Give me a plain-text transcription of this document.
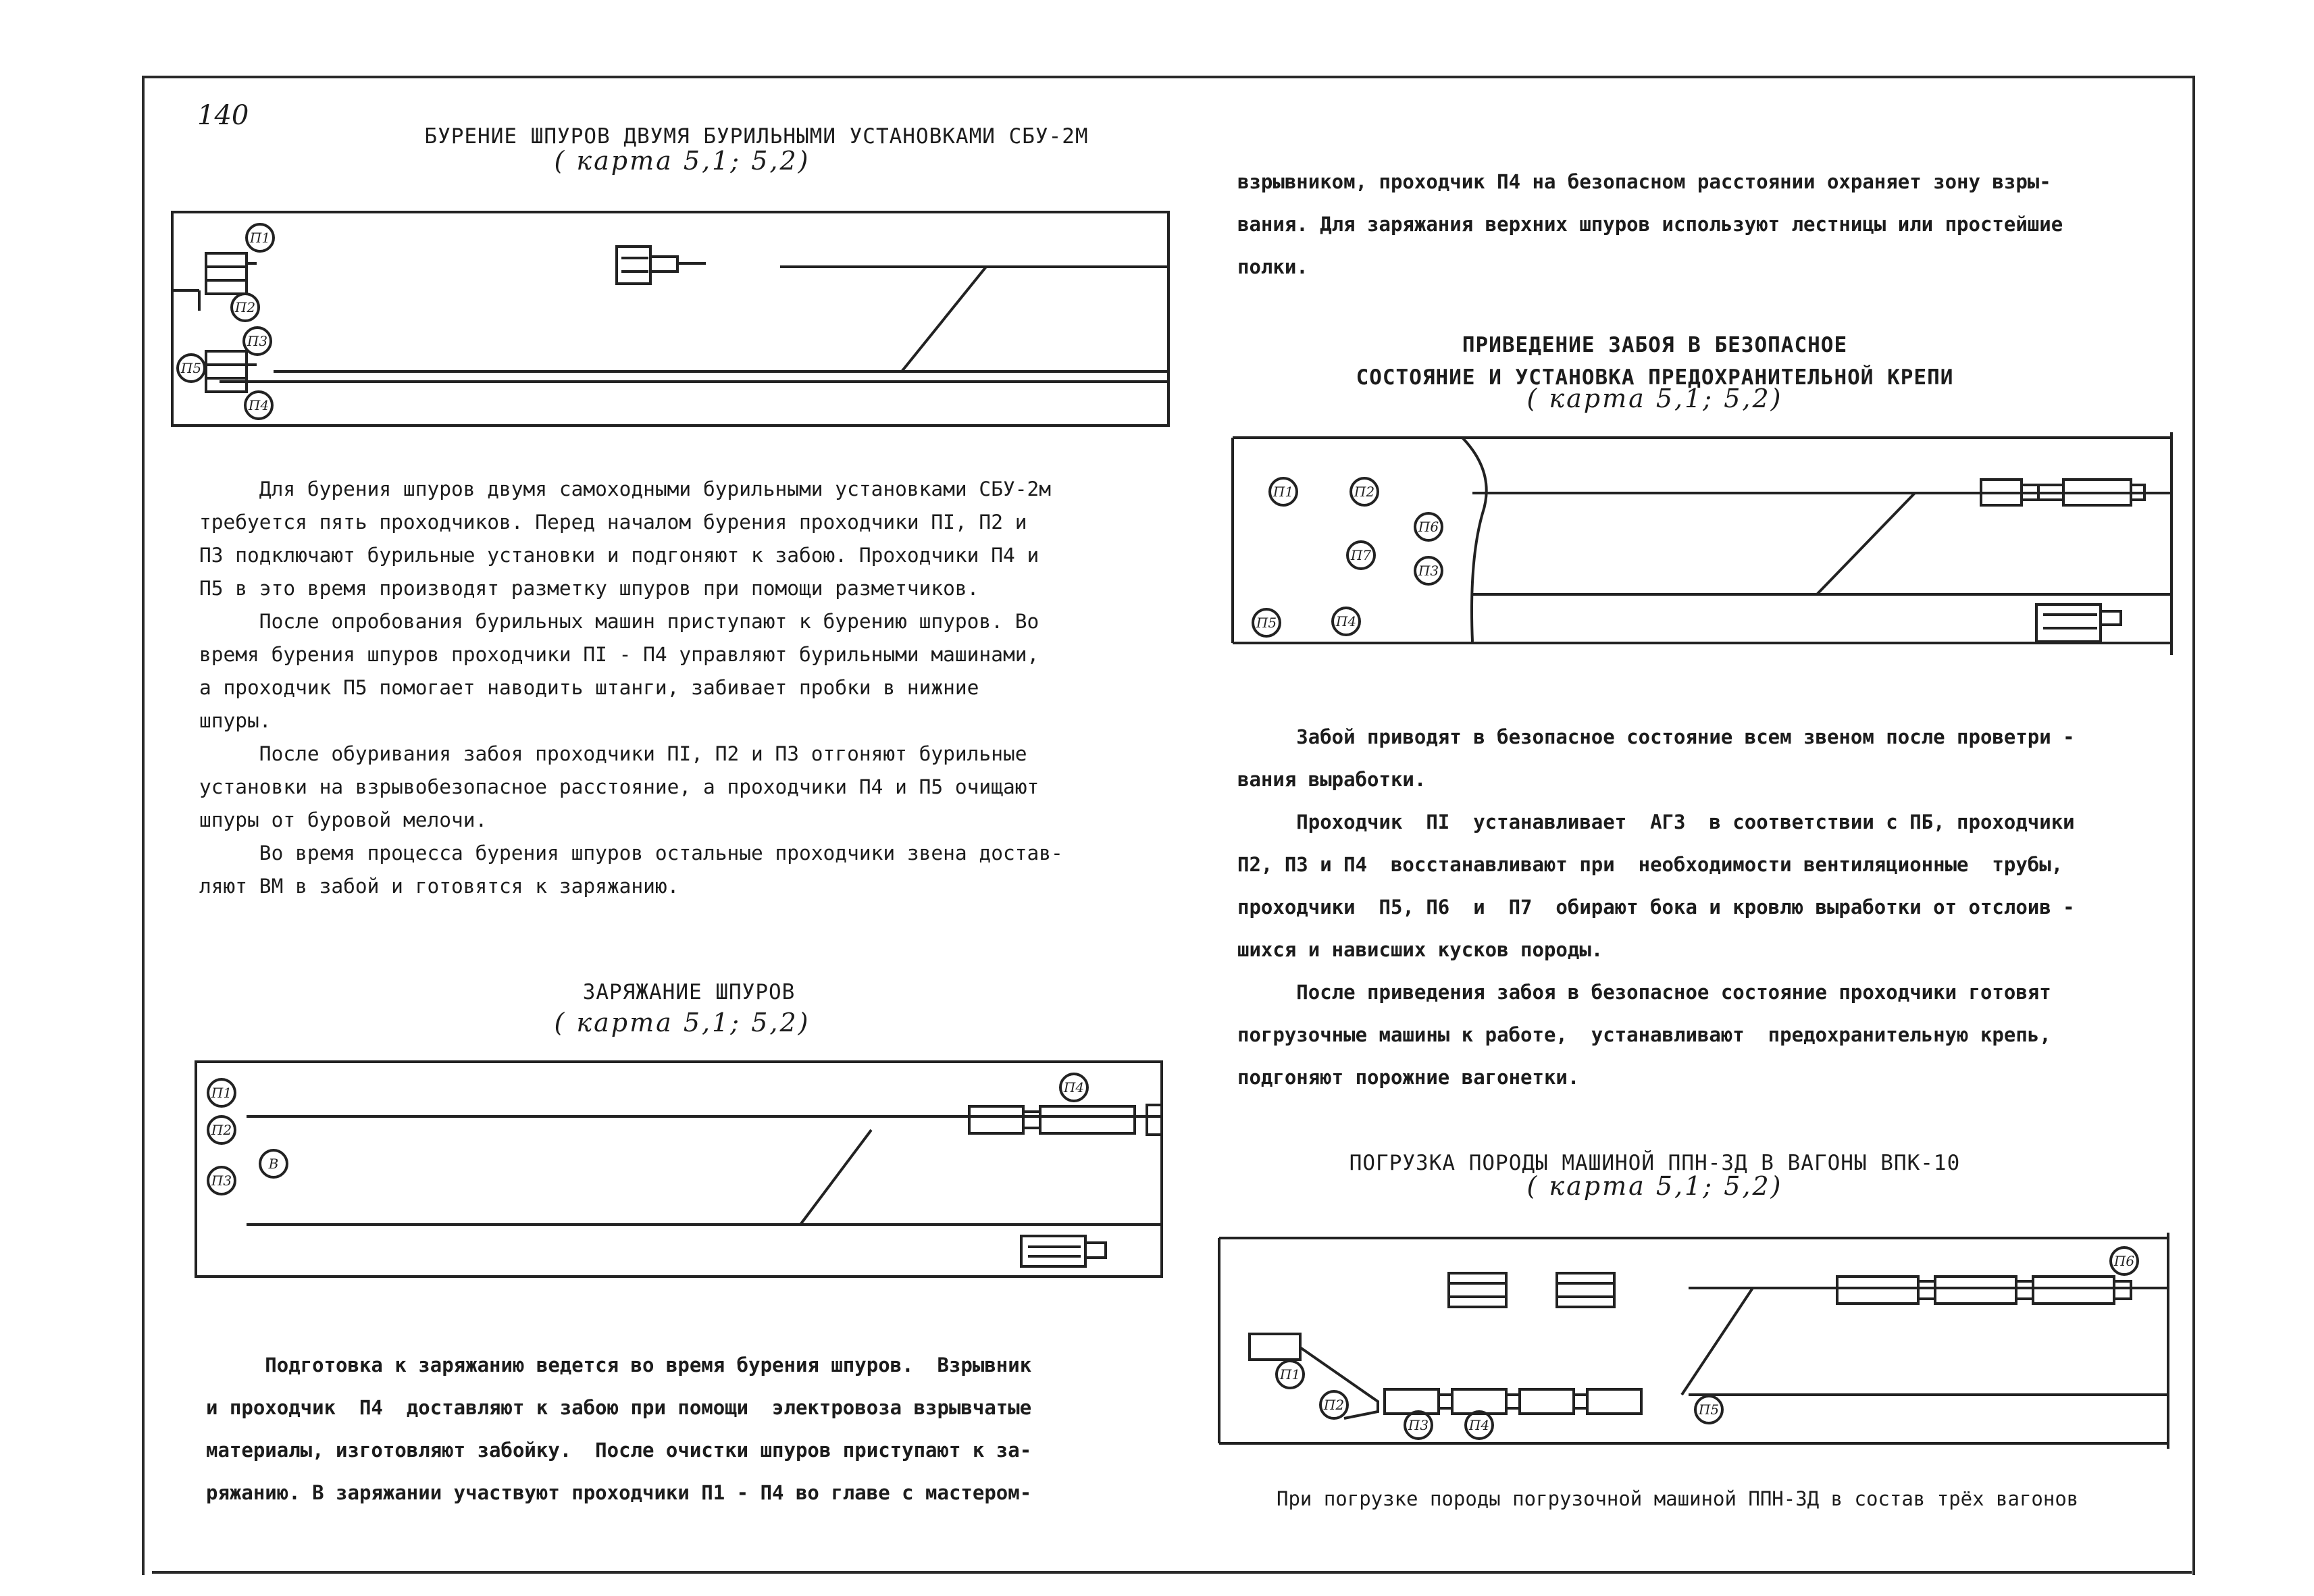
140
БУРЕНИЕ ШПУРОВ ДВУМЯ БУРИЛЬНЫМИ УСТАНОВКАМИ СБУ-2М
( карта 5,1; 5,2)
П1
П2
П3
П4
П5
Для бурения шпуров двумя самоходными бурильными установками СБУ-2м
требуется пять проходчиков. Перед началом бурения проходчики ПI, П2 и
П3 подключают бурильные установки и подгоняют к забою. Проходчики П4 и
П5 в это время производят разметку шпуров при помощи разметчиков.
После опробования бурильных машин приступают к бурению шпуров. Во
время бурения шпуров проходчики ПI - П4 управляют бурильными машинами,
а проходчик П5 помогает наводить штанги, забивает пробки в нижние
шпуры.
После обуривания забоя проходчики ПI, П2 и П3 отгоняют бурильные
установки на взрывобезопасное расстояние, а проходчики П4 и П5 очищают
шпуры от буровой мелочи.
Во время процесса бурения шпуров остальные проходчики звена достав-
ляют ВМ в забой и готовятся к заряжанию.
ЗАРЯЖАНИЕ ШПУРОВ
( карта 5,1; 5,2)
П1
П2
П3
В
П4
Подготовка к заряжанию ведется во время бурения шпуров.  Взрывник
и проходчик  П4  доставляют к забою при помощи  электровоза взрывчатые
материалы, изготовляют забойку.  После очистки шпуров приступают к за-
ряжанию. В заряжании участвуют проходчики П1 - П4 во главе с мастером-
взрывником, проходчик П4 на безопасном расстоянии охраняет зону взры-
вания. Для заряжания верхних шпуров используют лестницы или простейшие
полки.
ПРИВЕДЕНИЕ ЗАБОЯ В БЕЗОПАСНОЕ
СОСТОЯНИЕ И УСТАНОВКА ПРЕДОХРАНИТЕЛЬНОЙ КРЕПИ
( карта 5,1; 5,2)
П1	П2
П6
П7
П3
П5	П4
Забой приводят в безопасное состояние всем звеном после проветри -
вания выработки.
Проходчик  ПI  устанавливает  АГЗ  в соответствии с ПБ, проходчики
П2, П3 и П4  восстанавливают при  необходимости вентиляционные  трубы,
проходчики  П5, П6  и  П7  обирают бока и кровлю выработки от отслоив -
шихся и нависших кусков породы.
После приведения забоя в безопасное состояние проходчики готовят
погрузочные машины к работе,  устанавливают  предохранительную крепь,
подгоняют порожние вагонетки.
ПОГРУЗКА ПОРОДЫ МАШИНОЙ ППН-3Д В ВАГОНЫ ВПК-10
( карта 5,1; 5,2)
П1
П2
П3	П4
П5
П6
При погрузке породы погрузочной машиной ППН-3Д в состав трёх вагонов
